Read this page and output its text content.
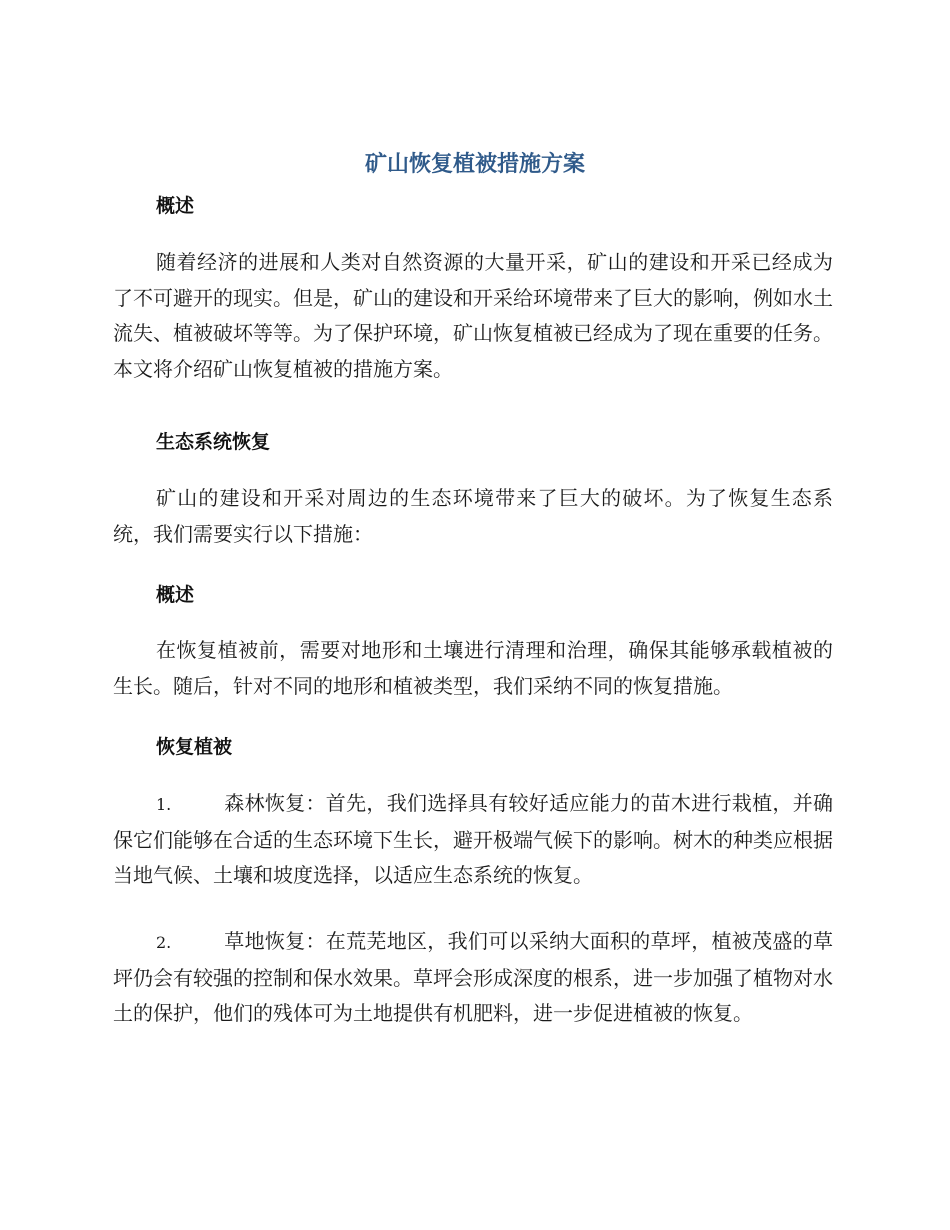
矿山恢复植被措施方案
概述

随着经济的进展和人类对自然资源的大量开采，矿山的建设和开采已经成为了不可避开的现实。但是，矿山的建设和开采给环境带来了巨大的影响，例如水土流失、植被破坏等等。为了保护环境，矿山恢复植被已经成为了现在重要的任务。本文将介绍矿山恢复植被的措施方案。

生态系统恢复

矿山的建设和开采对周边的生态环境带来了巨大的破坏。为了恢复生态系统，我们需要实行以下措施：

概述

在恢复植被前，需要对地形和土壤进行清理和治理，确保其能够承载植被的生长。随后，针对不同的地形和植被类型，我们采纳不同的恢复措施。

恢复植被

1.	森林恢复：首先，我们选择具有较好适应能力的苗木进行栽植，并确保它们能够在合适的生态环境下生长，避开极端气候下的影响。树木的种类应根据当地气候、土壤和坡度选择，以适应生态系统的恢复。

2.	草地恢复：在荒芜地区，我们可以采纳大面积的草坪，植被茂盛的草坪仍会有较强的控制和保水效果。草坪会形成深度的根系，进一步加强了植物对水土的保护，他们的残体可为土地提供有机肥料，进一步促进植被的恢复。
